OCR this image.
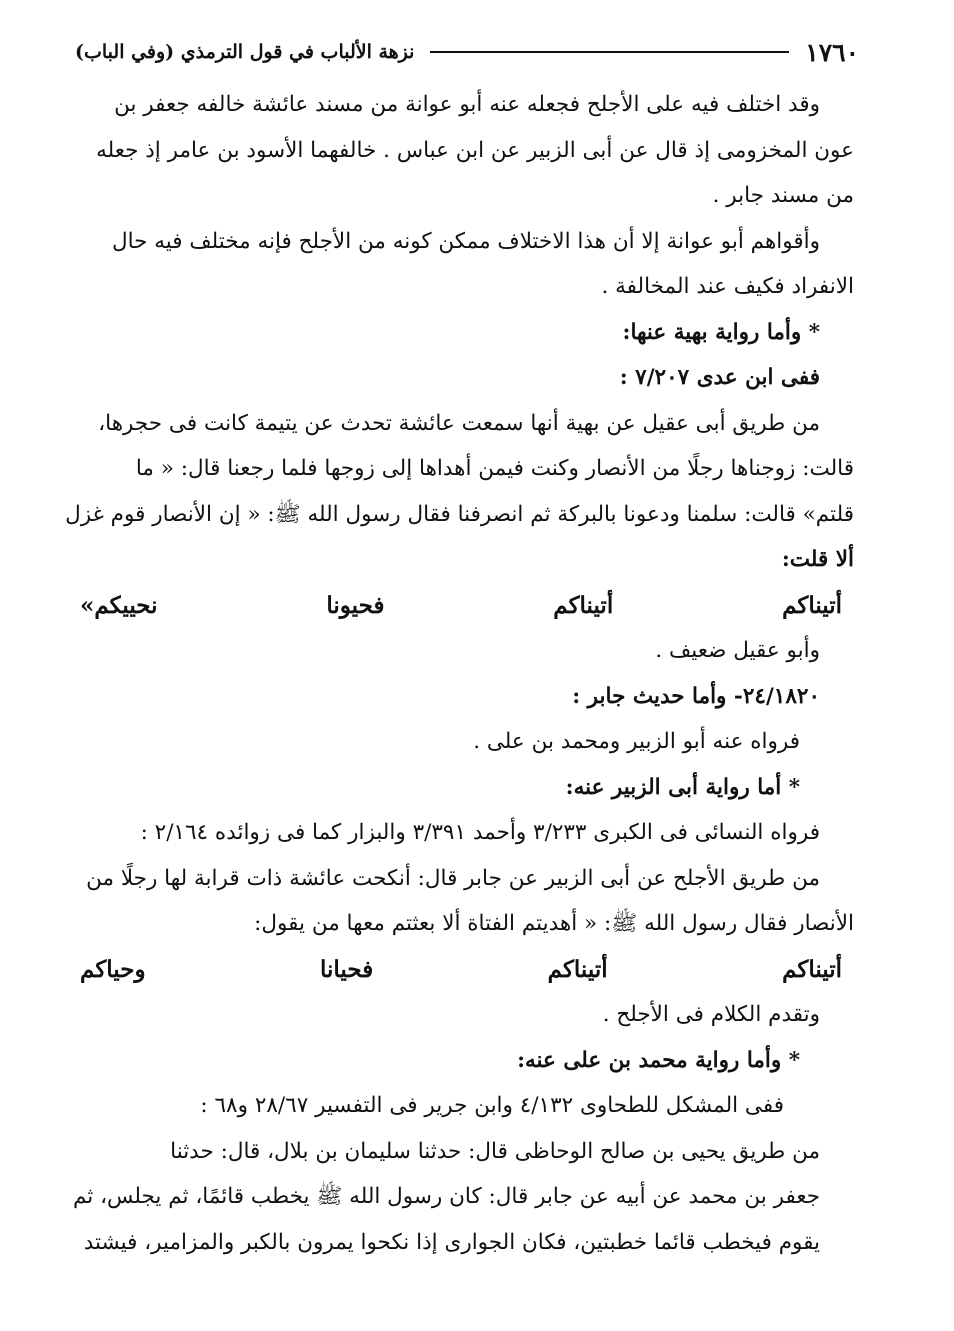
١٧٦٠
نزهة الألباب في قول الترمذي (وفي الباب)
وقد اختلف فيه على الأجلح فجعله عنه أبو عوانة من مسند عائشة خالفه جعفر بن
عون المخزومى إذ قال عن أبى الزبير عن ابن عباس . خالفهما الأسود بن عامر إذ جعله
من مسند جابر .
وأقواهم أبو عوانة إلا أن هذا الاختلاف ممكن كونه من الأجلح فإنه مختلف فيه حال
الانفراد فكيف عند المخالفة .
* وأما رواية بهية عنها:
ففى ابن عدى ٧/٢٠٧ :
من طريق أبى عقيل عن بهية أنها سمعت عائشة تحدث عن يتيمة كانت فى حجرها،
قالت: زوجناها رجلًا من الأنصار وكنت فيمن أهداها إلى زوجها فلما رجعنا قال: « ما
قلتم» قالت: سلمنا ودعونا بالبركة ثم انصرفنا فقال رسول الله ﷺ: « إن الأنصار قوم غزل
ألا قلت:
أتيناكم
أتيناكم
فحيونا
نحييكم»
وأبو عقيل ضعيف .
٢٤/١٨٢٠- وأما حديث جابر :
فرواه عنه أبو الزبير ومحمد بن على .
* أما رواية أبى الزبير عنه:
فرواه النسائى فى الكبرى ٣/٢٣٣ وأحمد ٣/٣٩١ والبزار كما فى زوائده ٢/١٦٤ :
من طريق الأجلح عن أبى الزبير عن جابر قال: أنكحت عائشة ذات قرابة لها رجلًا من
الأنصار فقال رسول الله ﷺ: « أهديتم الفتاة ألا بعثتم معها من يقول:
أتيناكم
أتيناكم
فحيانا
وحياكم
وتقدم الكلام فى الأجلح .
* وأما رواية محمد بن على عنه:
ففى المشكل للطحاوى ٤/١٣٢ وابن جرير فى التفسير ٢٨/٦٧ و٦٨ :
من طريق يحيى بن صالح الوحاظى قال: حدثنا سليمان بن بلال، قال: حدثنا
جعفر بن محمد عن أبيه عن جابر قال: كان رسول الله ﷺ يخطب قائمًا، ثم يجلس، ثم
يقوم فيخطب قائما خطبتين، فكان الجوارى إذا نكحوا يمرون بالكبر والمزامير، فيشتد
